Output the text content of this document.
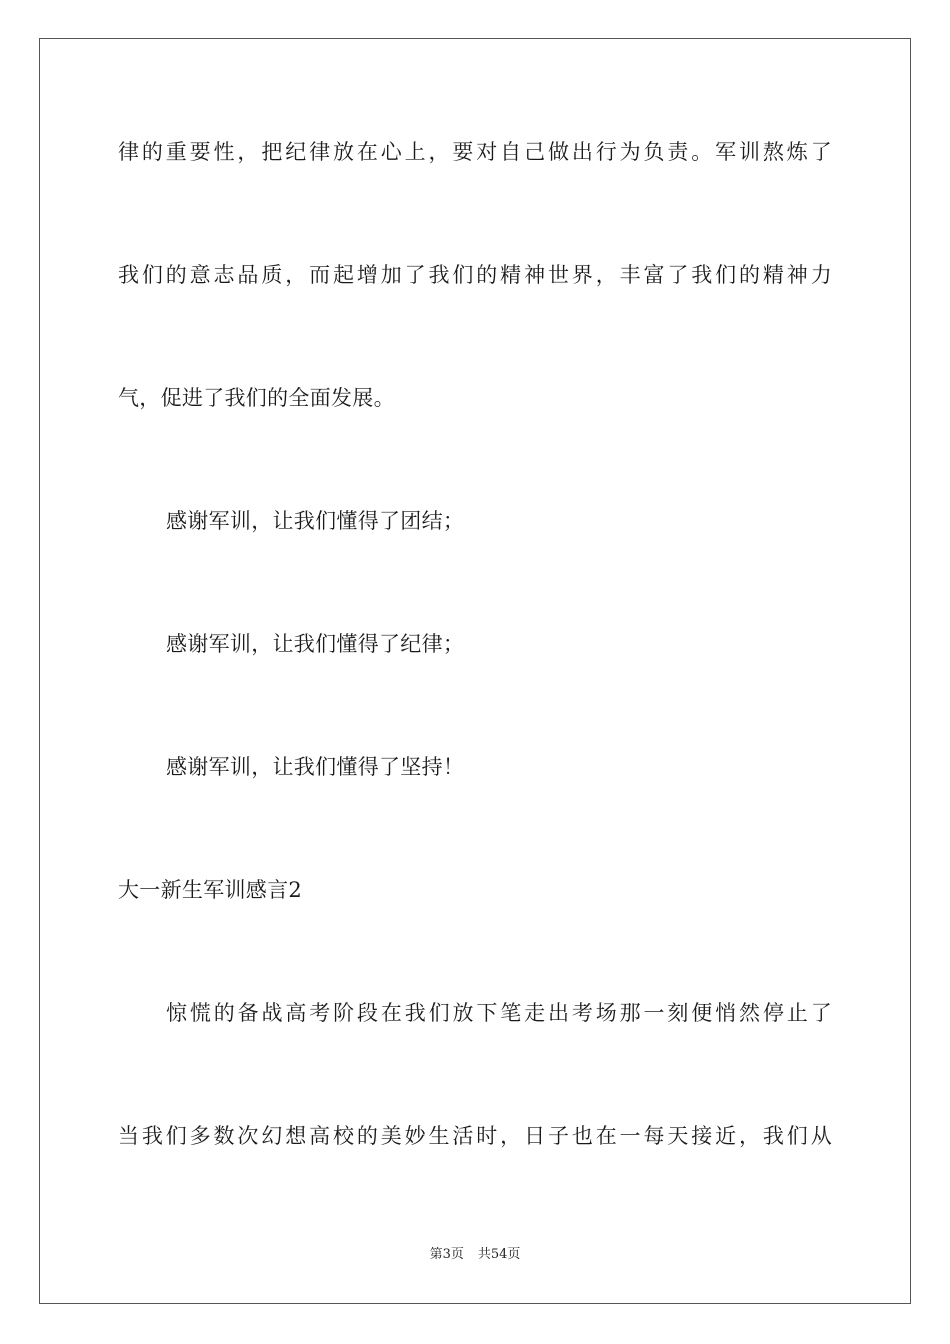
律的重要性，把纪律放在心上，要对自己做出行为负责。军训熬炼了
我们的意志品质，而起增加了我们的精神世界，丰富了我们的精神力
气，促进了我们的全面发展。
感谢军训，让我们懂得了团结；
感谢军训，让我们懂得了纪律；
感谢军训，让我们懂得了坚持！
大一新生军训感言2
惊慌的备战高考阶段在我们放下笔走出考场那一刻便悄然停止了
当我们多数次幻想高校的美妙生活时，日子也在一每天接近，我们从
第3页 共54页
